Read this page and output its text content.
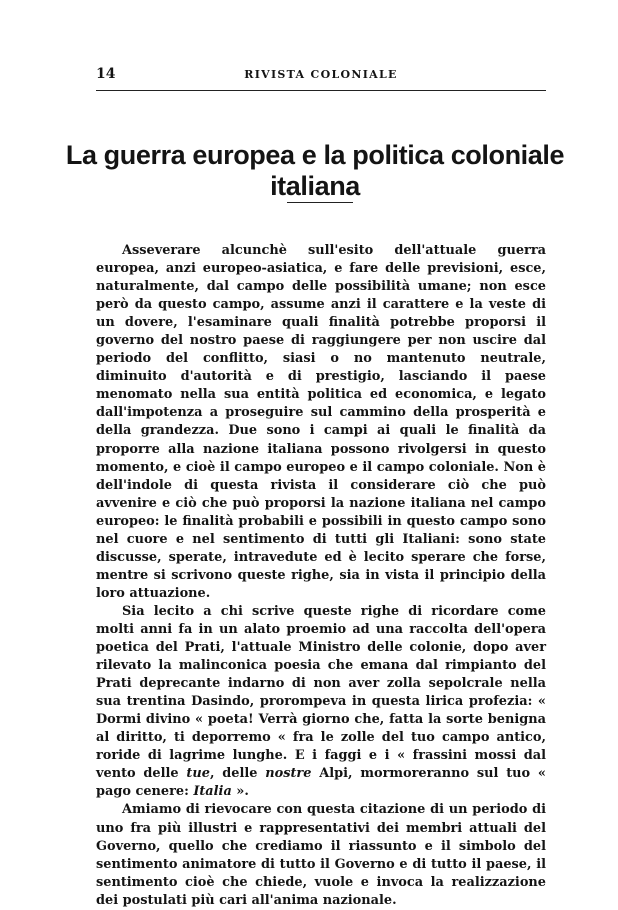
14	RIVISTA COLONIALE
La guerra europea e la politica coloniale italiana

Asseverare alcunchè sull'esito dell'attuale guerra europea, anzi europeo-asiatica, e fare delle previsioni, esce, naturalmente, dal campo delle possibilità umane; non esce però da questo campo, assume anzi il carattere e la veste di un dovere, l'esaminare quali finalità potrebbe proporsi il governo del nostro paese di raggiungere per non uscire dal periodo del conflitto, siasi o no mantenuto neutrale, diminuito d'autorità e di prestigio, lasciando il paese menomato nella sua entità politica ed economica, e legato dall'impotenza a proseguire sul cammino della prosperità e della grandezza. Due sono i campi ai quali le finalità da proporre alla nazione italiana possono rivolgersi in questo momento, e cioè il campo europeo e il campo coloniale. Non è dell'indole di questa rivista il considerare ciò che può avvenire e ciò che può proporsi la nazione italiana nel campo europeo: le finalità probabili e possibili in questo campo sono nel cuore e nel sentimento di tutti gli Italiani: sono state discusse, sperate, intravedute ed è lecito sperare che forse, mentre si scrivono queste righe, sia in vista il principio della loro attuazione.

Sia lecito a chi scrive queste righe di ricordare come molti anni fa in un alato proemio ad una raccolta dell'opera poetica del Prati, l'attuale Ministro delle colonie, dopo aver rilevato la malinconica poesia che emana dal rimpianto del Prati deprecante indarno di non aver zolla sepolcrale nella sua trentina Dasindo, prorompeva in questa lirica profezia: « Dormi divino « poeta! Verrà giorno che, fatta la sorte benigna al diritto, ti deporremo « fra le zolle del tuo campo antico, roride di lagrime lunghe. E i faggi e i « frassini mossi dal vento delle tue, delle nostre Alpi, mormoreranno sul tuo « pago cenere: Italia ».

Amiamo di rievocare con questa citazione di un periodo di uno fra più illustri e rappresentativi dei membri attuali del Governo, quello che crediamo il riassunto e il simbolo del sentimento animatore di tutto il Governo e di tutto il paese, il sentimento cioè che chiede, vuole e invoca la realizzazione dei postulati più cari all'anima nazionale.
